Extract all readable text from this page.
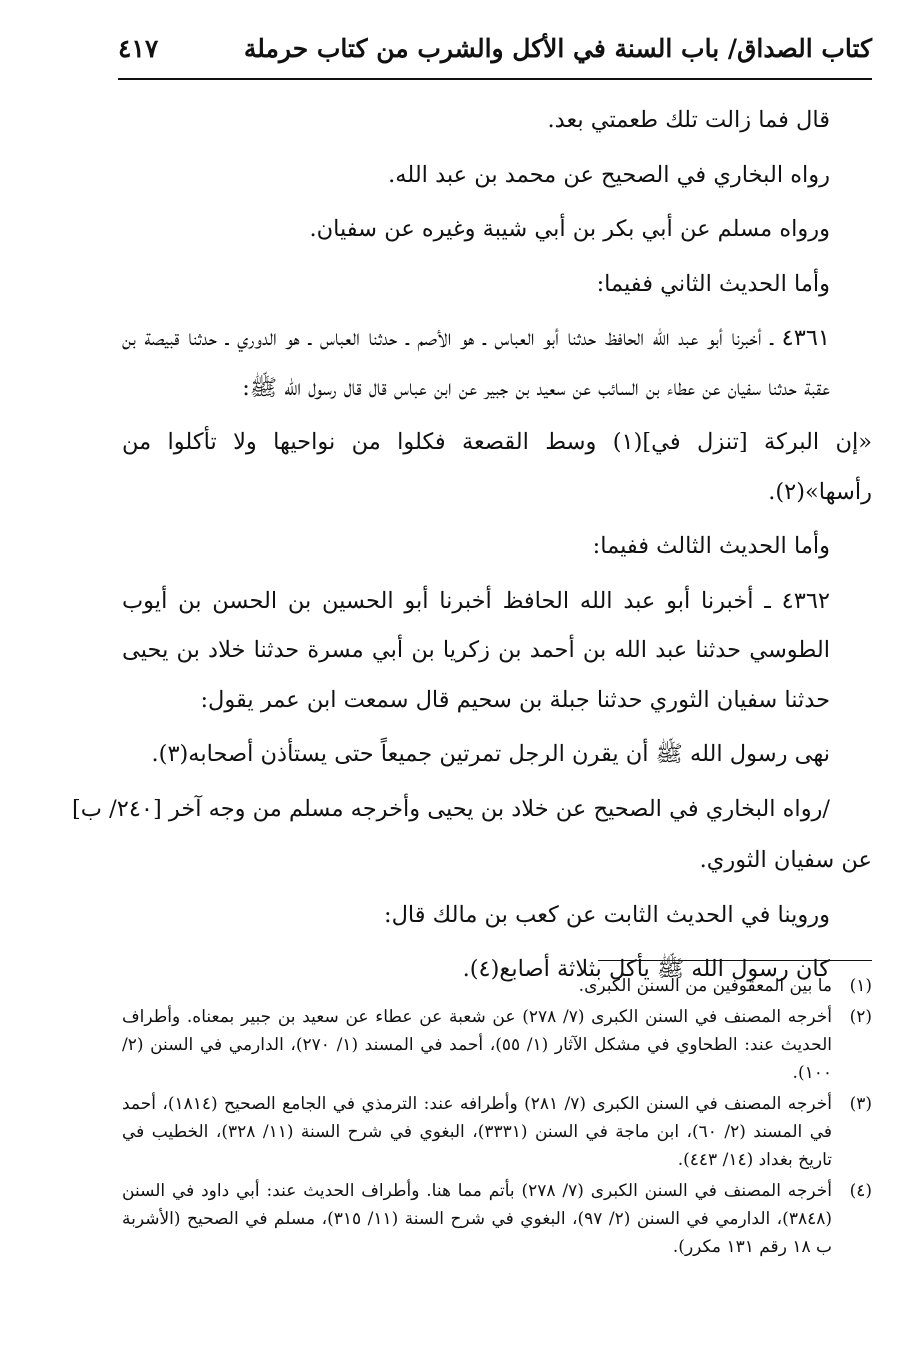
كتاب الصداق/ باب السنة في الأكل والشرب من كتاب حرملة
٤١٧

قال فما زالت تلك طعمتي بعد.

رواه البخاري في الصحيح عن محمد بن عبد الله.

ورواه مسلم عن أبي بكر بن أبي شيبة وغيره عن سفيان.

وأما الحديث الثاني ففيما:

٤٣٦١ ـ أخبرنا أبو عبد الله الحافظ حدثنا أبو العباس ـ هو الأصم ـ حدثنا العباس ـ هو الدوري ـ حدثنا قبيصة بن عقبة حدثنا سفيان عن عطاء بن السائب عن سعيد بن جبير عن ابن عباس قال قال رسول الله ﷺ:

«إن البركة [تنزل في](١) وسط القصعة فكلوا من نواحيها ولا تأكلوا من رأسها»(٢).

وأما الحديث الثالث ففيما:

٤٣٦٢ ـ أخبرنا أبو عبد الله الحافظ أخبرنا أبو الحسين بن الحسن بن أيوب الطوسي حدثنا عبد الله بن أحمد بن زكريا بن أبي مسرة حدثنا خلاد بن يحيى حدثنا سفيان الثوري حدثنا جبلة بن سحيم قال سمعت ابن عمر يقول:

نهى رسول الله ﷺ أن يقرن الرجل تمرتين جميعاً حتى يستأذن أصحابه(٣).

/رواه البخاري في الصحيح عن خلاد بن يحيى وأخرجه مسلم من وجه آخر [٢٤٠/ ب]

عن سفيان الثوري.

وروينا في الحديث الثابت عن كعب بن مالك قال:

كان رسول الله ﷺ يأكل بثلاثة أصابع(٤).

(١)
ما بين المعقوفين من السنن الكبرى.
(٢)
أخرجه المصنف في السنن الكبرى (٧/ ٢٧٨) عن شعبة عن عطاء عن سعيد بن جبير بمعناه. وأطراف الحديث عند: الطحاوي في مشكل الآثار (١/ ٥٥)، أحمد في المسند (١/ ٢٧٠)، الدارمي في السنن (٢/ ١٠٠).
(٣)
أخرجه المصنف في السنن الكبرى (٧/ ٢٨١) وأطرافه عند: الترمذي في الجامع الصحيح (١٨١٤)، أحمد في المسند (٢/ ٦٠)، ابن ماجة في السنن (٣٣٣١)، البغوي في شرح السنة (١١/ ٣٢٨)، الخطيب في تاريخ بغداد (١٤/ ٤٤٣).
(٤)
أخرجه المصنف في السنن الكبرى (٧/ ٢٧٨) بأتم مما هنا. وأطراف الحديث عند: أبي داود في السنن (٣٨٤٨)، الدارمي في السنن (٢/ ٩٧)، البغوي في شرح السنة (١١/ ٣١٥)، مسلم في الصحيح (الأشربة ب ١٨ رقم ١٣١ مكرر).
